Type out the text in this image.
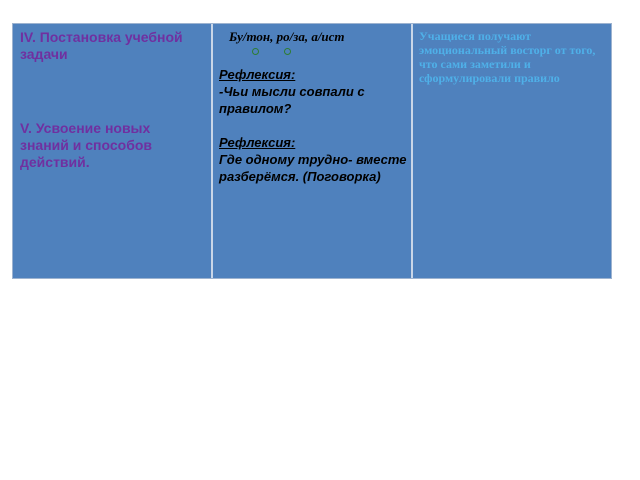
IV. Постановка учебной задачи
V. Усвоение новых знаний и способов действий.
Бу/тон, ро/за, а/ист
Рефлексия:
-Чьи мысли совпали с правилом?
Рефлексия:
Где одному трудно- вместе разберёмся. (Поговорка)
Учащиеся получают эмоциональный восторг от того, что сами заметили и сформулировали правило
